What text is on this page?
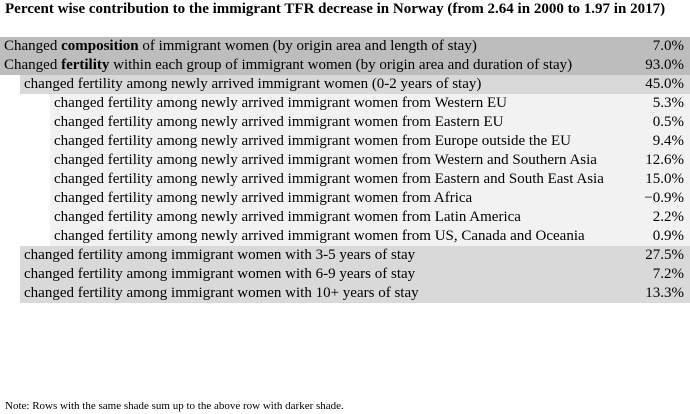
Percent wise contribution to the immigrant TFR decrease in Norway (from 2.64 in 2000 to 1.97 in 2017)
Changed composition of immigrant women (by origin area and length of stay)	7.0%
Changed fertility within each group of immigrant women (by origin area and duration of stay)	93.0%
changed fertility among newly arrived immigrant women (0-2 years of stay)	45.0%
changed fertility among newly arrived immigrant women from Western EU	5.3%
changed fertility among newly arrived immigrant women from Eastern EU	0.5%
changed fertility among newly arrived immigrant women from Europe outside the EU	9.4%
changed fertility among newly arrived immigrant women from Western and Southern Asia	12.6%
changed fertility among newly arrived immigrant women from Eastern and South East Asia	15.0%
changed fertility among newly arrived immigrant women from Africa	−0.9%
changed fertility among newly arrived immigrant women from Latin America	2.2%
changed fertility among newly arrived immigrant women from US, Canada and Oceania	0.9%
changed fertility among immigrant women with 3-5 years of stay	27.5%
changed fertility among immigrant women with 6-9 years of stay	7.2%
changed fertility among immigrant women with 10+ years of stay	13.3%
Note: Rows with the same shade sum up to the above row with darker shade.
